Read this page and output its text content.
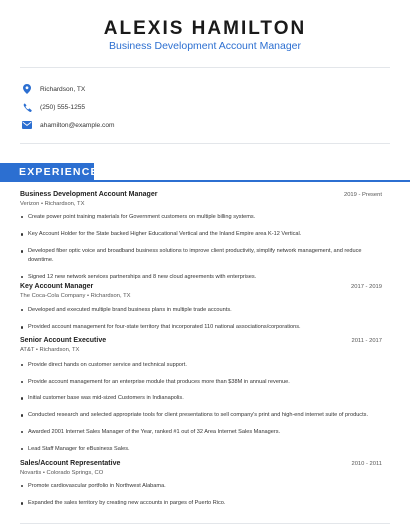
ALEXIS HAMILTON
Business Development Account Manager
Richardson, TX
(250) 555-1255
ahamilton@example.com
EXPERIENCE
Business Development Account Manager	2019 - Present
Verizon • Richardson, TX
Create power point training materials for Government customers on multiple billing systems.
Key Account Holder for the State backed Higher Educational Vertical and the Inland Empire area K-12 Vertical.
Developed fiber optic voice and broadband business solutions to improve client productivity, simplify network management, and reduce downtime.
Signed 12 new network services partnerships and 8 new cloud agreements with enterprises.
Key Account Manager	2017 - 2019
The Coca-Cola Company • Richardson, TX
Developed and executed multiple brand business plans in multiple trade accounts.
Provided account management for four-state territory that incorporated 110 national associations/corporations.
Senior Account Executive	2011 - 2017
AT&T • Richardson, TX
Provide direct hands on customer service and technical support.
Provide account management for an enterprise module that produces more than $38M in annual revenue.
Initial customer base was mid-sized Customers in Indianapolis.
Conducted research and selected appropriate tools for client presentations to sell company's print and high-end internet suite of products.
Awarded 2001 Internet Sales Manager of the Year, ranked #1 out of 32 Area Internet Sales Managers.
Lead Staff Manager for eBusiness Sales.
Sales/Account Representative	2010 - 2011
Novartis • Colorado Springs, CO
Promote cardiovascular portfolio in Northwest Alabama.
Expanded the sales territory by creating new accounts in parges of Puerto Rico.
